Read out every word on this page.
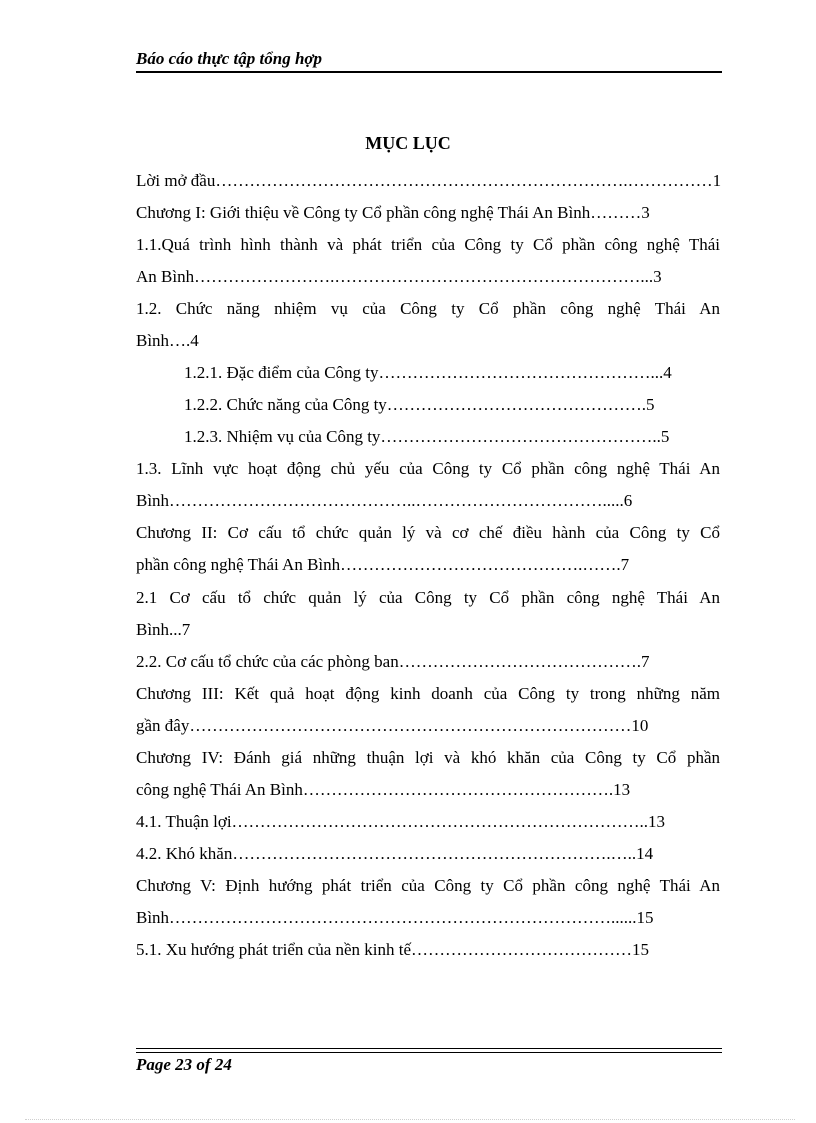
Báo cáo thực tập tổng hợp
MỤC LỤC
Lời mở đầu……………………………………………………………….……………1
Chương I: Giới thiệu về Công ty Cổ phần công nghệ Thái An Bình………3
1.1.Quá trình hình thành và phát triển của Công ty Cổ phần công nghệ Thái
An Bình…………………….………………………………………………...3
1.2. Chức năng nhiệm vụ của Công ty Cổ phần công nghệ Thái An
Bình….4
1.2.1. Đặc điểm của Công ty…………………………………………...4
1.2.2. Chức năng của Công ty……………………………………….5
1.2.3. Nhiệm vụ của Công ty…………………………………………..5
1.3. Lĩnh vực hoạt động chủ yếu của Công ty Cổ phần công nghệ Thái An
Bình……………………………………..…………………………….....6
Chương II: Cơ cấu tổ chức quản lý và cơ chế điều hành của Công ty Cổ
phần công nghệ Thái An Bình…………………………………….…….7
2.1 Cơ cấu tổ chức quản lý của Công ty Cổ phần công nghệ Thái An
Bình...7
2.2. Cơ cấu tổ chức của các phòng ban…………………………………….7
Chương III: Kết quả hoạt động kinh doanh của Công ty trong những năm
gần đây……………………………………………………………………10
Chương IV: Đánh giá những thuận lợi và khó khăn của Công ty Cổ phần
công nghệ Thái An Bình……………………………………………….13
4.1. Thuận lợi………………………………………………………………..13
4.2. Khó khăn………………………………………………………….…..14
Chương V: Định hướng phát triển của Công ty Cổ phần công nghệ Thái An
Bình……………………………………………………………………......15
5.1. Xu hướng phát triển của nền kinh tế…………………………………15
Page 23 of 24
